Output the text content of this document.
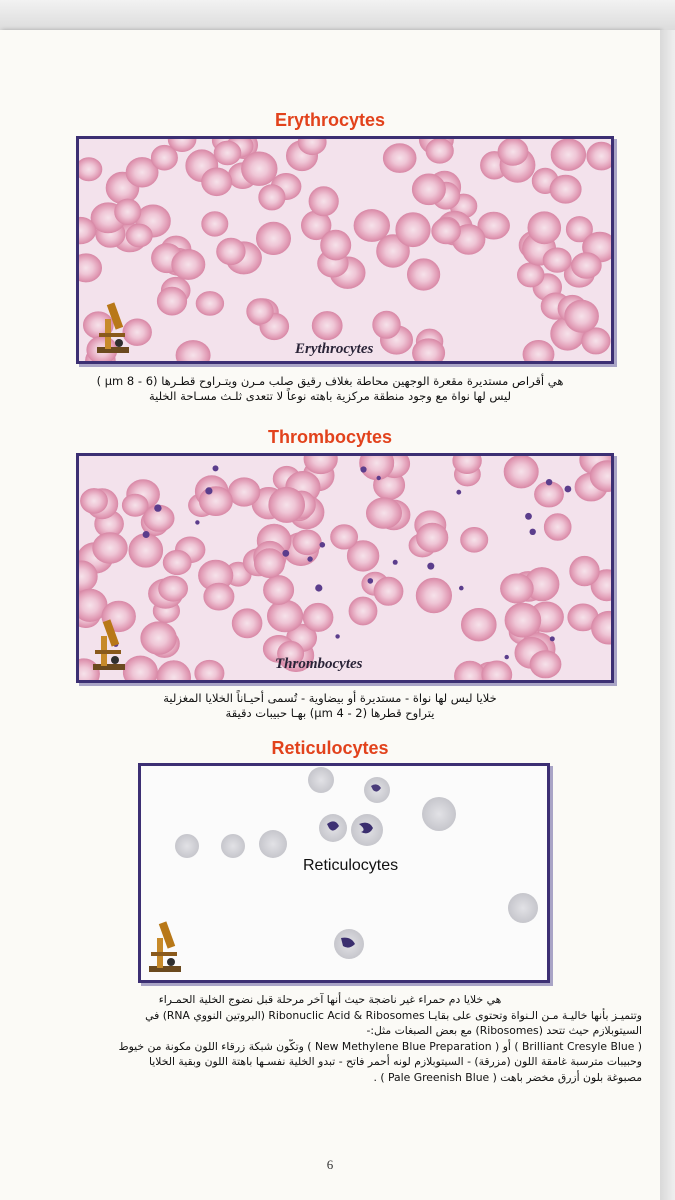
Erythrocytes
Erythrocytes
هي أقراص مستديرة مقعرة الوجهين محاطة بغلاف رقيق صلب مـرن ويتـراوح قطـرها (6 - 8 µm )
ليس لها نواة مع وجود منطقة مركزية باهته نوعاً لا تتعدى ثلـث مسـاحة الخلية
Thrombocytes
Thrombocytes
خلايا ليس لها نواة - مستديرة أو بيضاوية - تُسمى أحيـاناً الخلايا المغزلية
يتراوح قطرها (2 - 4 µm) بهـا حبيبات دقيقة
Reticulocytes
Reticulocytes
هي خلايا دم حمراء غير ناضجة حيث أنها آخر مرحلة قبل نضوج الخلية الحمـراء
وتتميـز بأنها خاليـة مـن الـنواة وتحتوى على بقايـا Ribonuclic Acid & Ribosomes (البروتين النووي RNA) في
السيتوبلازم حيث تتحد (Ribosomes) مع بعض الصبغات مثل:-
( Brilliant Cresyle Blue ) أو ( New Methylene Blue Preparation ) وتكّون شبكة زرقاء اللون مكونة من خيوط
وحبيبات مترسبة غامقة اللون (مزرقة) - السيتوبلازم لونه أحمر فاتح - تبدو الخلية نفسـها باهتة اللون وبقية الخلايا
مصبوغة بلون أزرق مخضر باهت ( Pale Greenish Blue ) .
6
